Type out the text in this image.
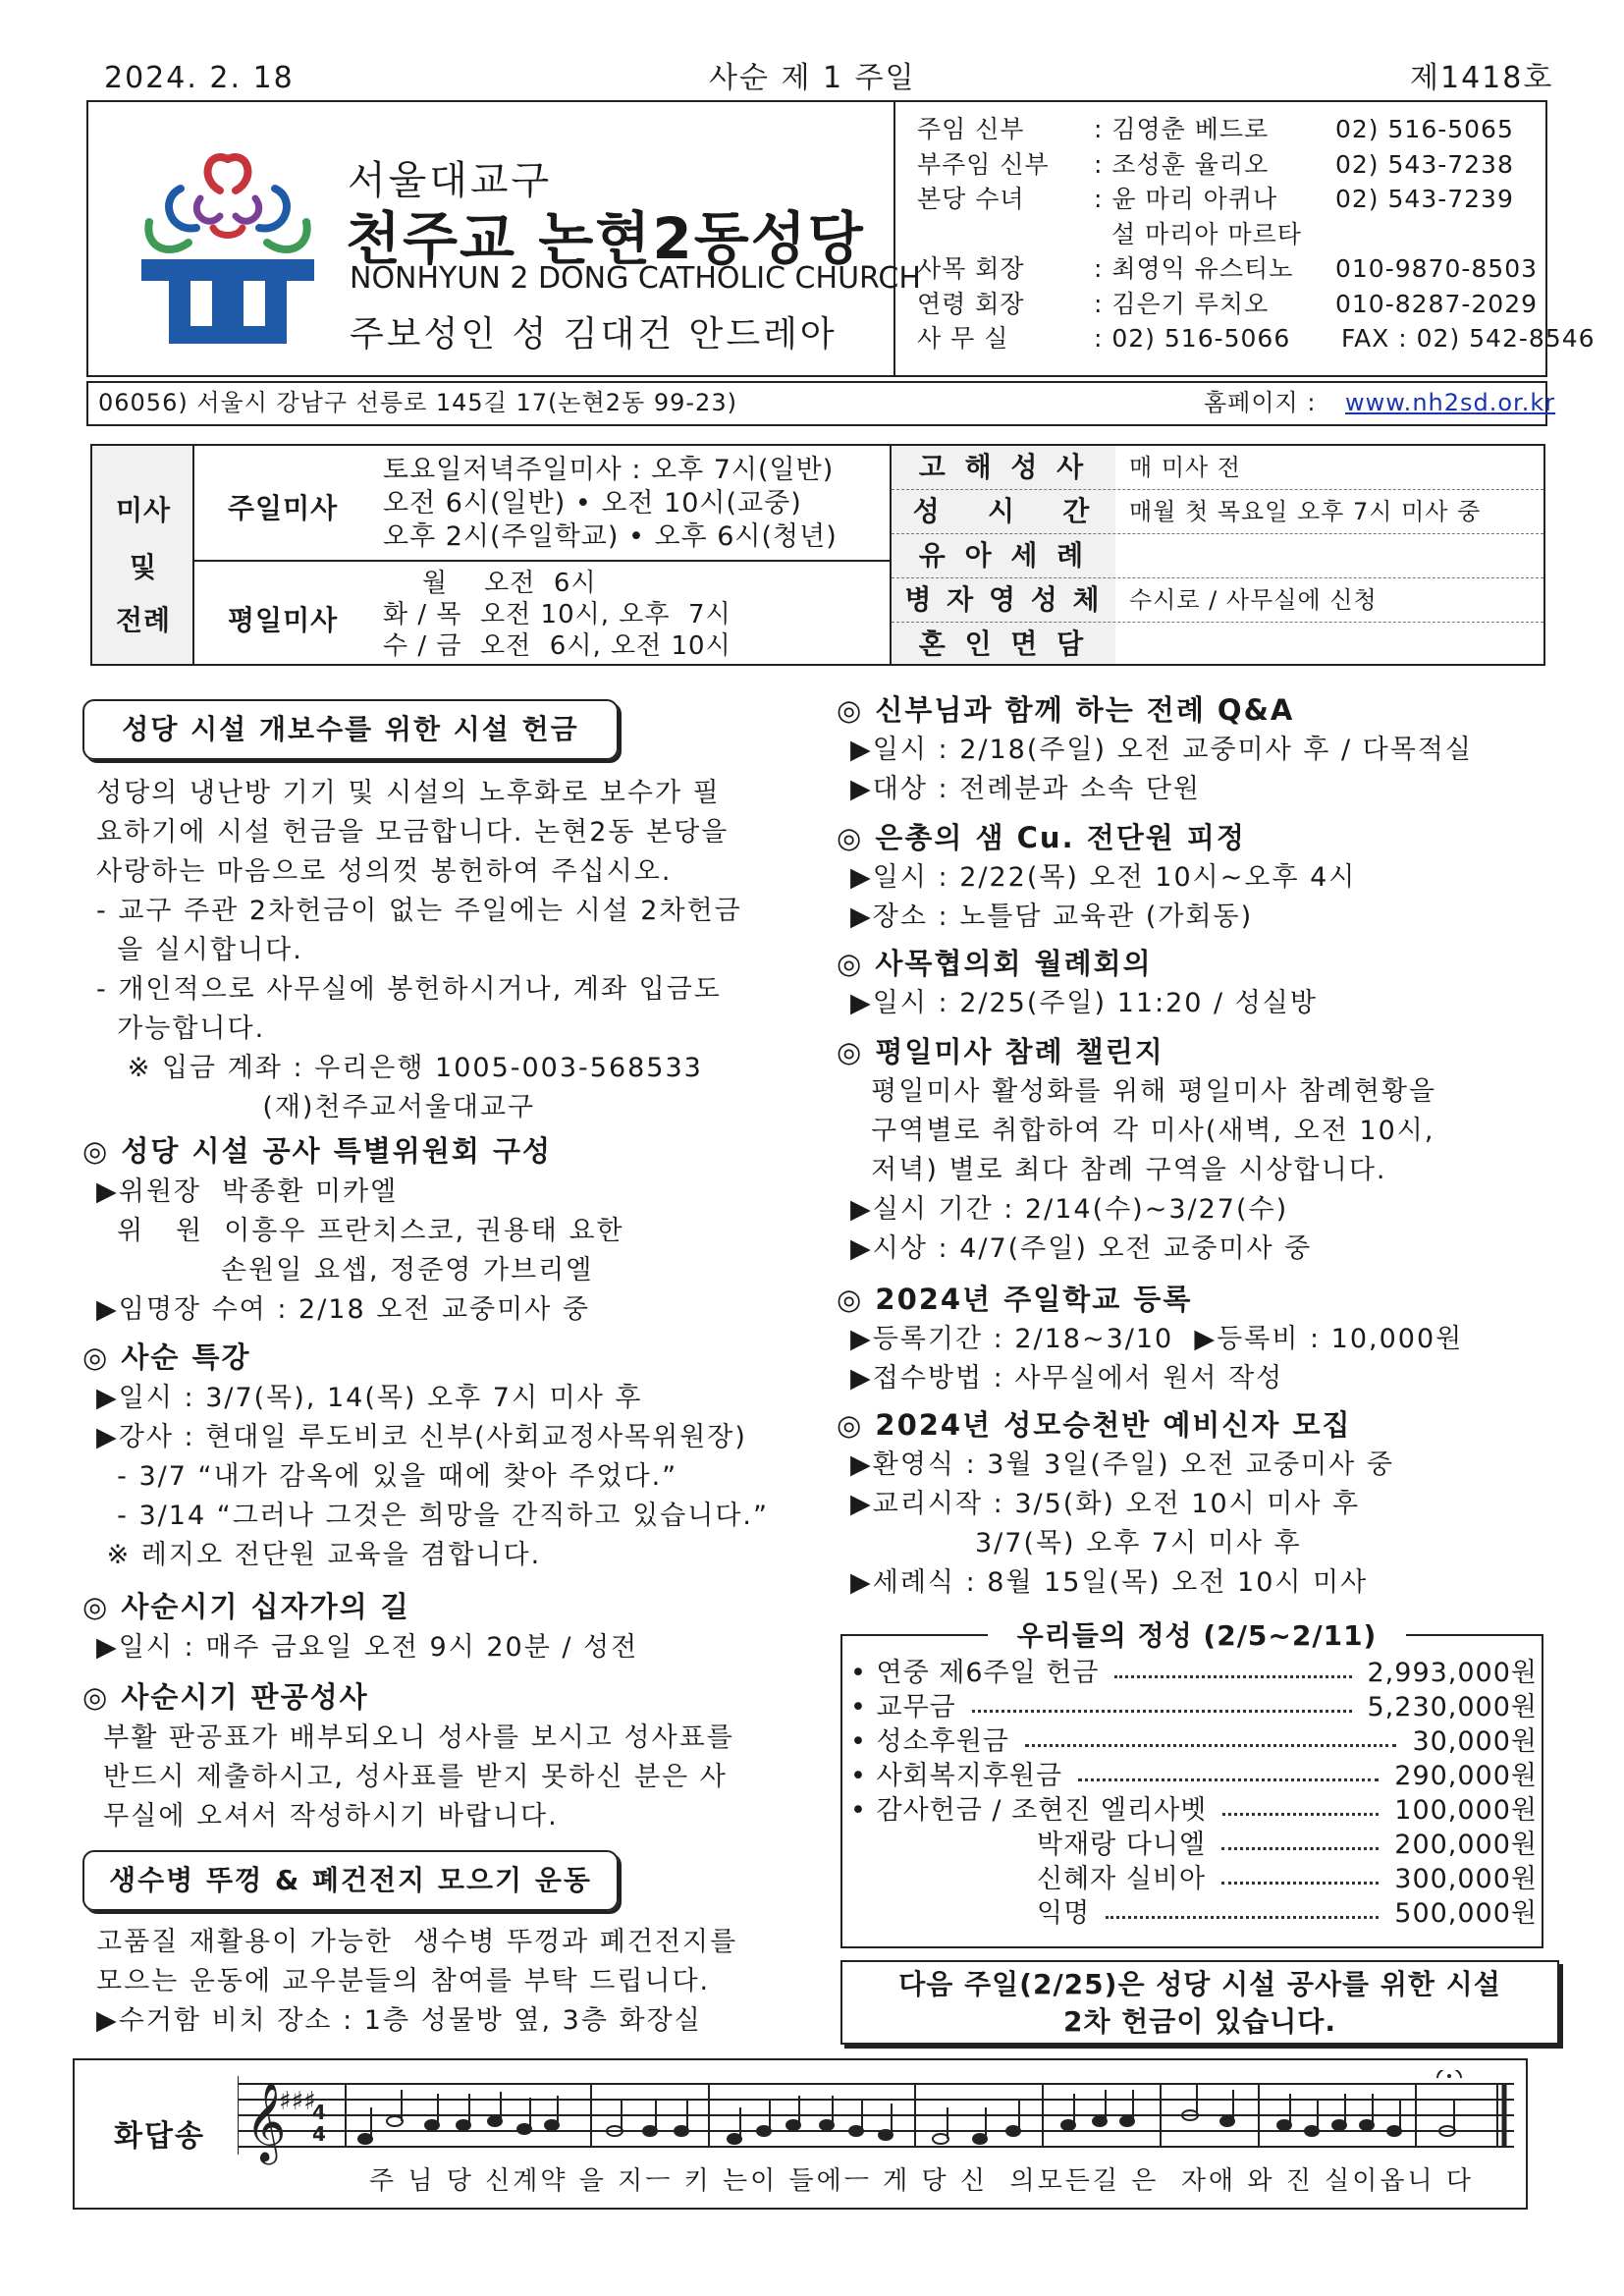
2024. 2. 18	사순 제 1 주일	제1418호
서울대교구
천주교 논현2동성당
NONHYUN 2 DONG CATHOLIC CHURCH
주보성인 성 김대건 안드레아
주임 신부	: 김영춘 베드로	02) 516-5065
부주임 신부	: 조성훈 율리오	02) 543-7238
본당 수녀	: 윤 마리 아퀴나	02) 543-7239
설 마리아 마르타
사목 회장	: 최영익 유스티노	010-9870-8503
연령 회장	: 김은기 루치오	010-8287-2029
사 무 실	: 02) 516-5066	FAX : 02) 542-8546
06056) 서울시 강남구 선릉로 145길 17(논현2동 99-23)	홈페이지 : www.nh2sd.or.kr
미사
및
전례
주일미사
토요일저녁주일미사 : 오후 7시(일반)
오전 6시(일반) • 오전 10시(교중)
오후 2시(주일학교) • 오후 6시(청년)
평일미사
월    오전  6시
화 / 목  오전 10시, 오후  7시
수 / 금  오전  6시, 오전 10시
고 해 성 사	매 미사 전
성   시   간	매월 첫 목요일 오후 7시 미사 중
유 아 세 례
병 자 영 성 체	수시로 / 사무실에 신청
혼 인 면 담
성당 시설 개보수를 위한 시설 헌금
성당의 냉난방 기기 및 시설의 노후화로 보수가 필
요하기에 시설 헌금을 모금합니다. 논현2동 본당을
사랑하는 마음으로 성의껏 봉헌하여 주십시오.
- 교구 주관 2차헌금이 없는 주일에는 시설 2차헌금
을 실시합니다.
- 개인적으로 사무실에 봉헌하시거나, 계좌 입금도
가능합니다.
※ 입금 계좌 : 우리은행 1005-003-568533
(재)천주교서울대교구
◎ 성당 시설 공사 특별위원회 구성
▶위원장  박종환 미카엘
위   원  이흥우 프란치스코, 권용태 요한
손원일 요셉, 정준영 가브리엘
▶임명장 수여 : 2/18 오전 교중미사 중
◎ 사순 특강
▶일시 : 3/7(목), 14(목) 오후 7시 미사 후
▶강사 : 현대일 루도비코 신부(사회교정사목위원장)
- 3/7 “내가 감옥에 있을 때에 찾아 주었다.”
- 3/14 “그러나 그것은 희망을 간직하고 있습니다.”
※ 레지오 전단원 교육을 겸합니다.
◎ 사순시기 십자가의 길
▶일시 : 매주 금요일 오전 9시 20분 / 성전
◎ 사순시기 판공성사
부활 판공표가 배부되오니 성사를 보시고 성사표를
반드시 제출하시고, 성사표를 받지 못하신 분은 사
무실에 오셔서 작성하시기 바랍니다.
생수병 뚜껑 & 폐건전지 모으기 운동
고품질 재활용이 가능한  생수병 뚜껑과 폐건전지를
모으는 운동에 교우분들의 참여를 부탁 드립니다.
▶수거함 비치 장소 : 1층 성물방 옆, 3층 화장실
◎ 신부님과 함께 하는 전례 Q&A
▶일시 : 2/18(주일) 오전 교중미사 후 / 다목적실
▶대상 : 전례분과 소속 단원
◎ 은총의 샘 Cu. 전단원 피정
▶일시 : 2/22(목) 오전 10시~오후 4시
▶장소 : 노틀담 교육관 (가회동)
◎ 사목협의회 월례회의
▶일시 : 2/25(주일) 11:20 / 성실방
◎ 평일미사 참례 챌린지
평일미사 활성화를 위해 평일미사 참례현황을
구역별로 취합하여 각 미사(새벽, 오전 10시,
저녁) 별로 최다 참례 구역을 시상합니다.
▶실시 기간 : 2/14(수)~3/27(수)
▶시상 : 4/7(주일) 오전 교중미사 중
◎ 2024년 주일학교 등록
▶등록기간 : 2/18~3/10  ▶등록비 : 10,000원
▶접수방법 : 사무실에서 원서 작성
◎ 2024년 성모승천반 예비신자 모집
▶환영식 : 3월 3일(주일) 오전 교중미사 중
▶교리시작 : 3/5(화) 오전 10시 미사 후
3/7(목) 오후 7시 미사 후
▶세례식 : 8월 15일(목) 오전 10시 미사
우리들의 정성 (2/5~2/11)
• 연중 제6주일 헌금	2,993,000원
• 교무금	5,230,000원
• 성소후원금	30,000원
• 사회복지후원금	290,000원
• 감사헌금 / 조현진 엘리사벳	100,000원
박재랑 다니엘	200,000원
신혜자 실비아	300,000원
익명	500,000원
다음 주일(2/25)은 성당 시설 공사를 위한 시설
2차 헌금이 있습니다.
화답송 𝄞
♯♯♯
4
4
주 님 당 신계약 을 지ㅡ 키 는이 들에ㅡ 게 당 신  의모든길 은  자애 와 진 실이옵니 다
